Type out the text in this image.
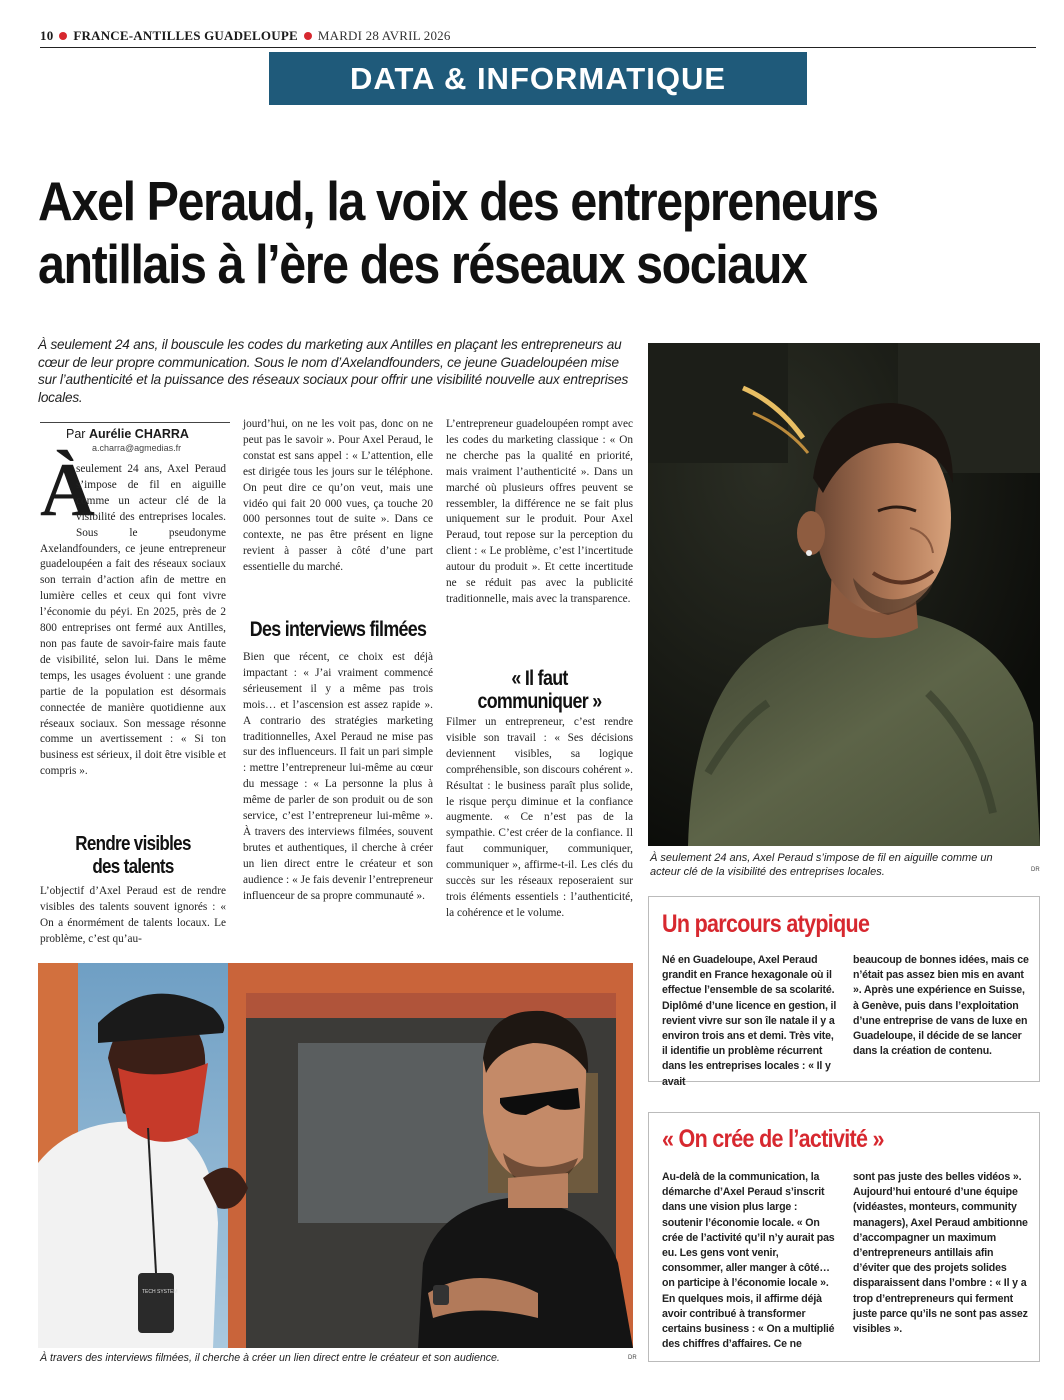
10 FRANCE-ANTILLES GUADELOUPE MARDI 28 AVRIL 2026
DATA & INFORMATIQUE
Axel Peraud, la voix des entrepreneurs
antillais à l’ère des réseaux sociaux
À seulement 24 ans, il bouscule les codes du marketing aux Antilles en plaçant les entrepreneurs au cœur de leur propre communication. Sous le nom d’Axelandfounders, ce jeune Guadeloupéen mise sur l’authenticité et la puissance des réseaux sociaux pour offrir une visibilité nouvelle aux entreprises locales.
Par Aurélie CHARRA
a.charra@agmedias.fr
À
seulement 24 ans, Axel Peraud s’impose de fil en aiguille comme un acteur clé de la visibilité des entreprises locales. Sous le pseudonyme Axelandfounders, ce jeune entrepreneur guadeloupéen a fait des réseaux sociaux son terrain d’action afin de mettre en lumière celles et ceux qui font vivre l’économie du péyi. En 2025, près de 2 800 entreprises ont fermé aux Antilles, non pas faute de savoir-faire mais faute de visibilité, selon lui. Dans le même temps, les usages évoluent : une grande partie de la population est désormais connectée de manière quotidienne aux réseaux sociaux. Son message résonne comme un avertissement : « Si ton business est sérieux, il doit être visible et compris ».
Rendre visibles
des talents
L’objectif d’Axel Peraud est de rendre visibles des talents souvent ignorés : « On a énormément de talents locaux. Le problème, c’est qu’au-
jourd’hui, on ne les voit pas, donc on ne peut pas le savoir ». Pour Axel Peraud, le constat est sans appel : « L’attention, elle est dirigée tous les jours sur le téléphone. On peut dire ce qu’on veut, mais une vidéo qui fait 20 000 vues, ça touche 20 000 personnes tout de suite ». Dans ce contexte, ne pas être présent en ligne revient à passer à côté d’une part essentielle du marché.
Des interviews filmées
Bien que récent, ce choix est déjà impactant : « J’ai vraiment commencé sérieusement il y a même pas trois mois… et l’ascension est assez rapide ». A contrario des stratégies marketing traditionnelles, Axel Peraud ne mise pas sur des influenceurs. Il fait un pari simple : mettre l’entrepreneur lui-même au cœur du message : « La personne la plus à même de parler de son produit ou de son service, c’est l’entrepreneur lui-même ». À travers des interviews filmées, souvent brutes et authentiques, il cherche à créer un lien direct entre le créateur et son audience : « Je fais devenir l’entrepreneur influenceur de sa propre communauté ».
L’entrepreneur guadeloupéen rompt avec les codes du marketing classique : « On ne cherche pas la qualité en priorité, mais vraiment l’authenticité ». Dans un marché où plusieurs offres peuvent se ressembler, la différence ne se fait plus uniquement sur le produit. Pour Axel Peraud, tout repose sur la perception du client : « Le problème, c’est l’incertitude autour du produit ». Et cette incertitude ne se réduit pas avec la publicité traditionnelle, mais avec la transparence.
« Il faut
communiquer »
Filmer un entrepreneur, c’est rendre visible son travail : « Ses décisions deviennent visibles, sa logique compréhensible, son discours cohérent ». Résultat : le business paraît plus solide, le risque perçu diminue et la confiance augmente. « Ce n’est pas de la sympathie. C’est créer de la confiance. Il faut communiquer, communiquer, communiquer », affirme-t-il. Les clés du succès sur les réseaux reposeraient sur trois éléments essentiels : l’authenticité, la cohérence et le volume.
À seulement 24 ans, Axel Peraud s’impose de fil en aiguille comme un acteur clé de la visibilité des entreprises locales.	DR
Un parcours atypique
Né en Guadeloupe, Axel Peraud grandit en France hexagonale où il effectue l’ensemble de sa scolarité. Diplômé d’une licence en gestion, il revient vivre sur son île natale il y a environ trois ans et demi. Très vite, il identifie un problème récurrent dans les entreprises locales : « Il y avait
beaucoup de bonnes idées, mais ce n’était pas assez bien mis en avant ». Après une expérience en Suisse, à Genève, puis dans l’exploitation d’une entreprise de vans de luxe en Guadeloupe, il décide de se lancer dans la création de contenu.
« On crée de l’activité »
Au-delà de la communication, la démarche d’Axel Peraud s’inscrit dans une vision plus large : soutenir l’économie locale. « On crée de l’activité qu’il n’y aurait pas eu. Les gens vont venir, consommer, aller manger à côté… on participe à l’économie locale ». En quelques mois, il affirme déjà avoir contribué à transformer certains business : « On a multiplié des chiffres d’affaires. Ce ne
sont pas juste des belles vidéos ». Aujourd’hui entouré d’une équipe (vidéastes, monteurs, community managers), Axel Peraud ambitionne d’accompagner un maximum d’entrepreneurs antillais afin d’éviter que des projets solides disparaissent dans l’ombre : « Il y a trop d’entrepreneurs qui ferment juste parce qu’ils ne sont pas assez visibles ».
TECH SYSTEM
À travers des interviews filmées, il cherche à créer un lien direct entre le créateur et son audience.	DR
